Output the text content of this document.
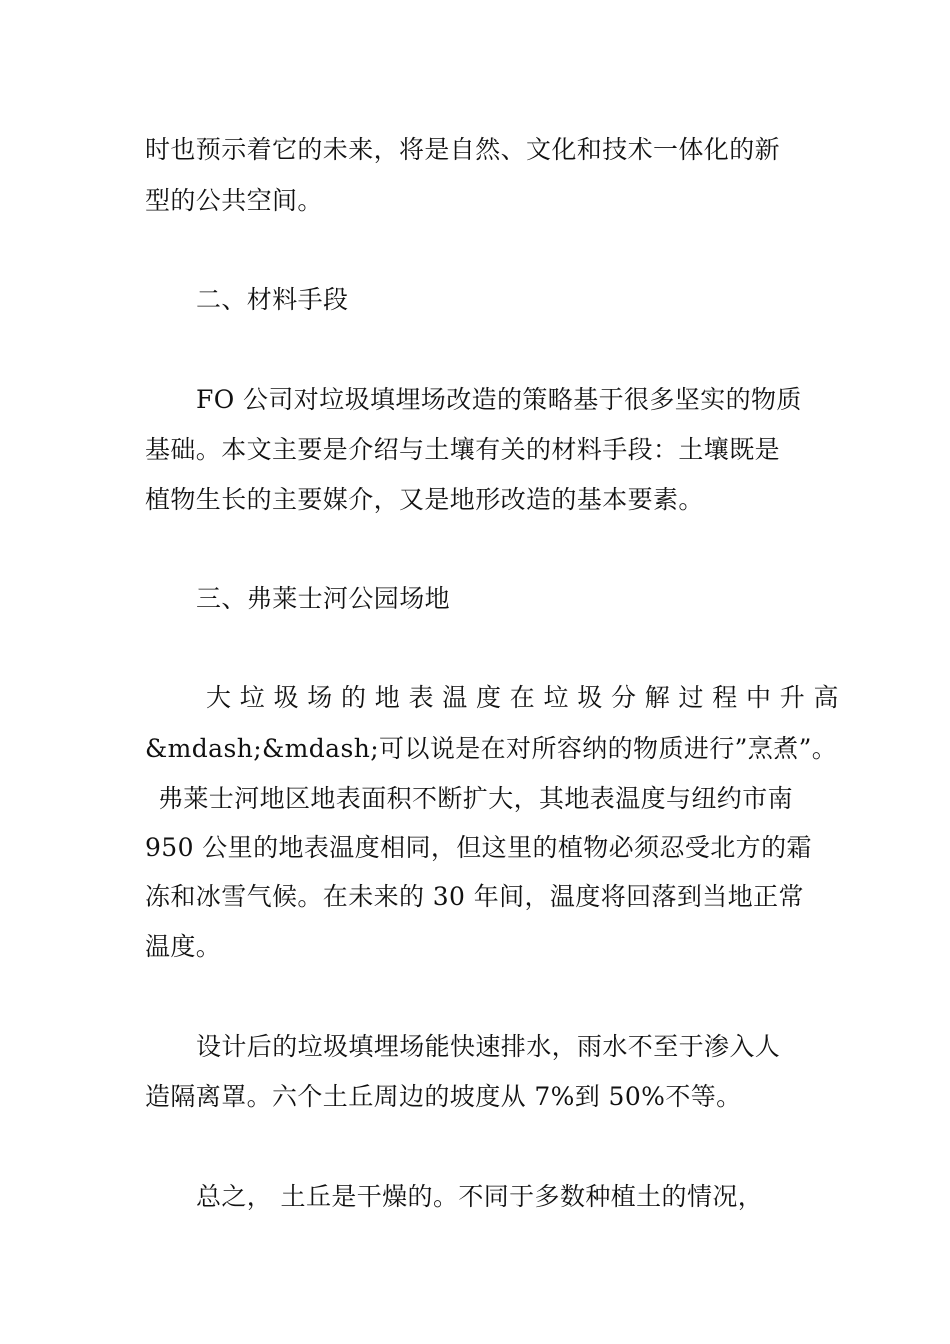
时也预示着它的未来，将是自然、文化和技术一体化的新
型的公共空间。
二、材料手段
FO 公司对垃圾填埋场改造的策略基于很多坚实的物质
基础。本文主要是介绍与土壤有关的材料手段：土壤既是
植物生长的主要媒介，又是地形改造的基本要素。
三、弗莱士河公园场地
大 垃 圾 场 的 地 表 温 度 在 垃 圾 分 解 过 程 中 升 高
&mdash;&mdash;可以说是在对所容纳的物质进行”烹煮”。
弗莱士河地区地表面积不断扩大，其地表温度与纽约市南
950 公里的地表温度相同，但这里的植物必须忍受北方的霜
冻和冰雪气候。在未来的 30 年间，温度将回落到当地正常
温度。
设计后的垃圾填埋场能快速排水，雨水不至于渗入人
造隔离罩。六个土丘周边的坡度从 7%到 50%不等。
总之， 土丘是干燥的。不同于多数种植土的情况，
